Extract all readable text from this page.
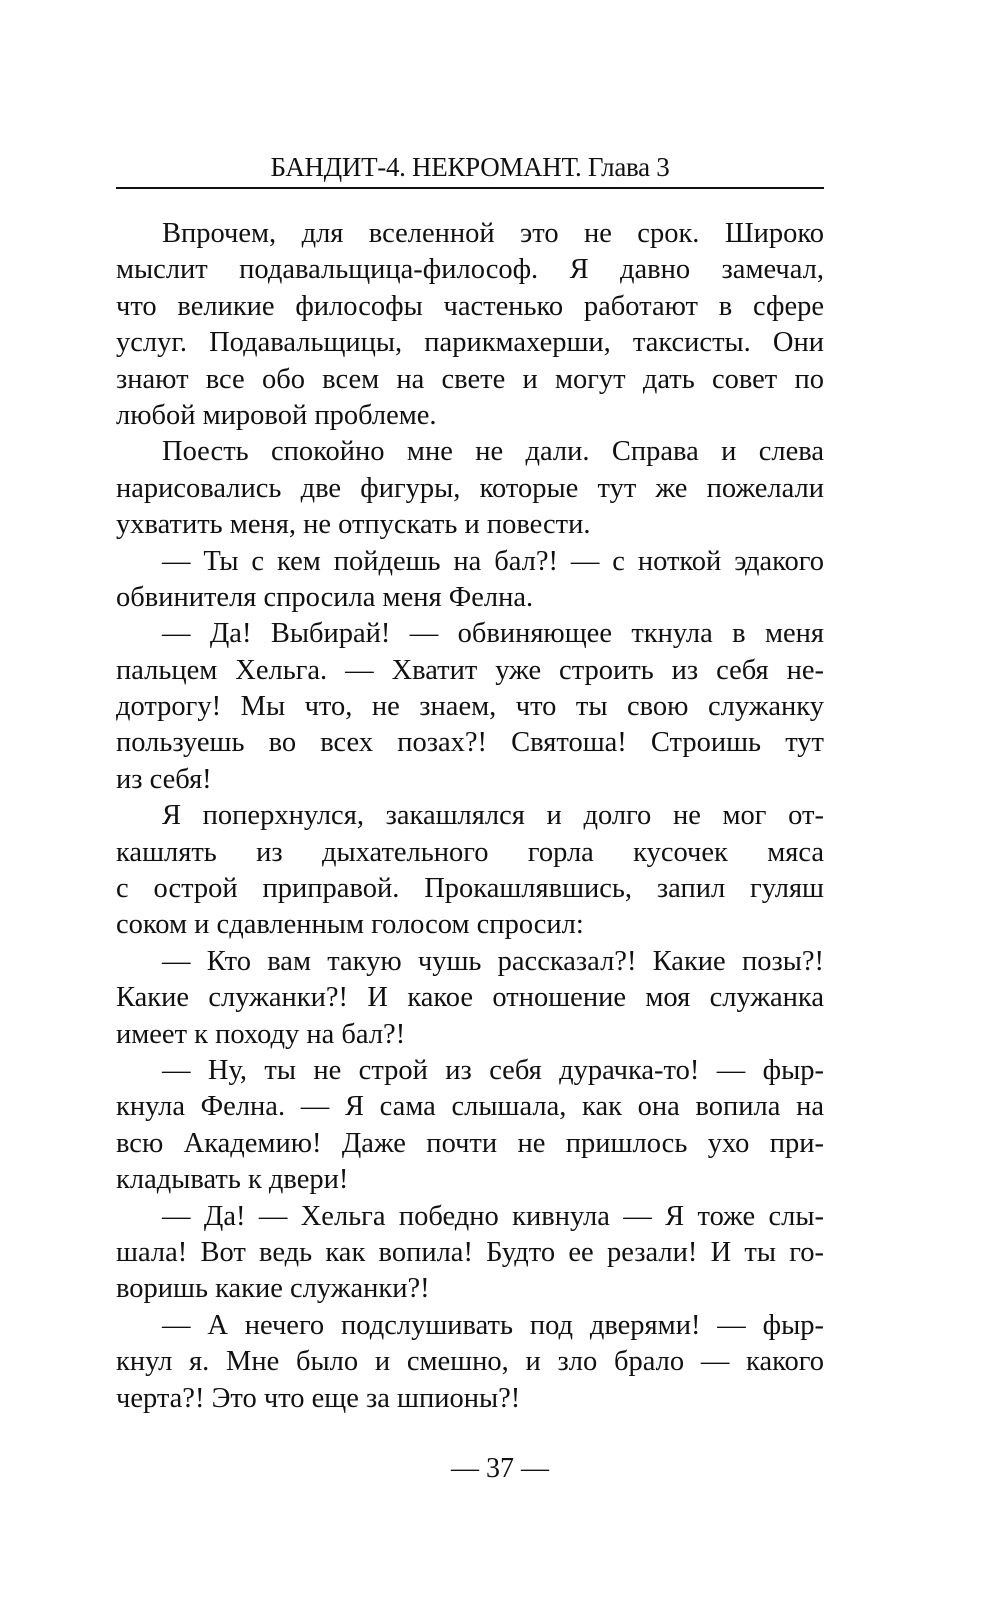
БАНДИТ-4. НЕКРОМАНТ. Глава 3
Впрочем, для вселенной это не срок. Широко
мыслит подавальщица-философ. Я давно замечал,
что великие философы частенько работают в сфере
услуг. Подавальщицы, парикмахерши, таксисты. Они
знают все обо всем на свете и могут дать совет по
любой мировой проблеме.
Поесть спокойно мне не дали. Справа и слева
нарисовались две фигуры, которые тут же пожелали
ухватить меня, не отпускать и повести.
— Ты с кем пойдешь на бал?! — с ноткой эдакого
обвинителя спросила меня Фелна.
— Да! Выбирай! — обвиняющее ткнула в меня
пальцем Хельга. — Хватит уже строить из себя не-
дотрогу! Мы что, не знаем, что ты свою служанку
пользуешь во всех позах?! Святоша! Строишь тут
из себя!
Я поперхнулся, закашлялся и долго не мог от-
кашлять из дыхательного горла кусочек мяса
с острой приправой. Прокашлявшись, запил гуляш
соком и сдавленным голосом спросил:
— Кто вам такую чушь рассказал?! Какие позы?!
Какие служанки?! И какое отношение моя служанка
имеет к походу на бал?!
— Ну, ты не строй из себя дурачка-то! — фыр-
кнула Фелна. — Я сама слышала, как она вопила на
всю Академию! Даже почти не пришлось ухо при-
кладывать к двери!
— Да! — Хельга победно кивнула — Я тоже слы-
шала! Вот ведь как вопила! Будто ее резали! И ты го-
воришь какие служанки?!
— А нечего подслушивать под дверями! — фыр-
кнул я. Мне было и смешно, и зло брало — какого
черта?! Это что еще за шпионы?!
— 37 —
